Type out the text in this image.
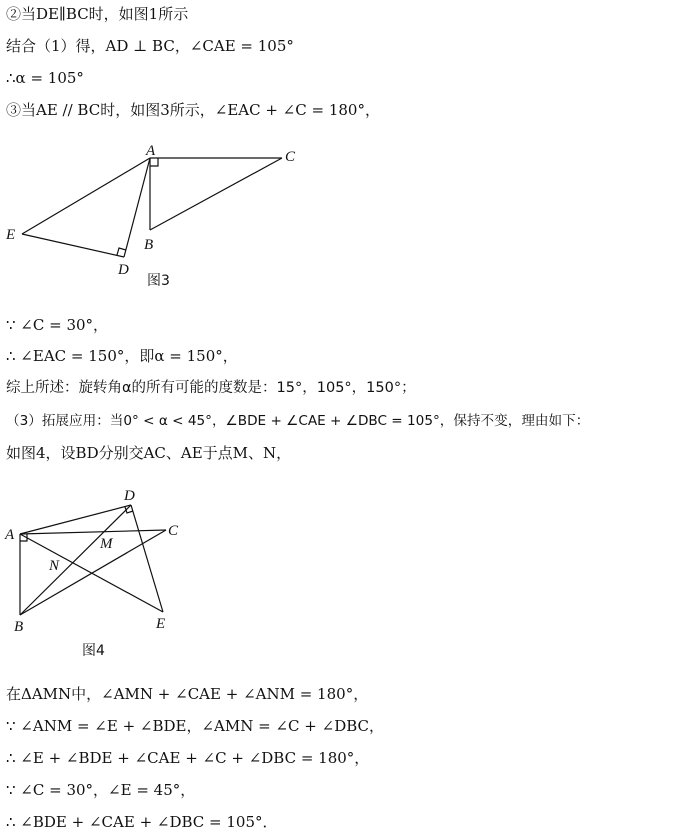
②当DE∥BC时，如图1所示
结合（1）得，AD ⊥ BC，∠CAE = 105°
∴α = 105°
③当AE // BC时，如图3所示，∠EAC + ∠C = 180°，
A	C
E
B
D
图3
∵ ∠C = 30°，
∴ ∠EAC = 150°，即α = 150°，
综上所述：旋转角α的所有可能的度数是：15°，105°，150°；
（3）拓展应用：当0° < α < 45°，∠BDE + ∠CAE + ∠DBC = 105°，保持不变，理由如下：
如图4，设BD分别交AC、AE于点M、N，
D
A	C
M
N
B	E
图4
在ΔAMN中，∠AMN + ∠CAE + ∠ANM = 180°，
∵ ∠ANM = ∠E + ∠BDE，∠AMN = ∠C + ∠DBC，
∴ ∠E + ∠BDE + ∠CAE + ∠C + ∠DBC = 180°，
∵ ∠C = 30°，∠E = 45°，
∴ ∠BDE + ∠CAE + ∠DBC = 105°．
